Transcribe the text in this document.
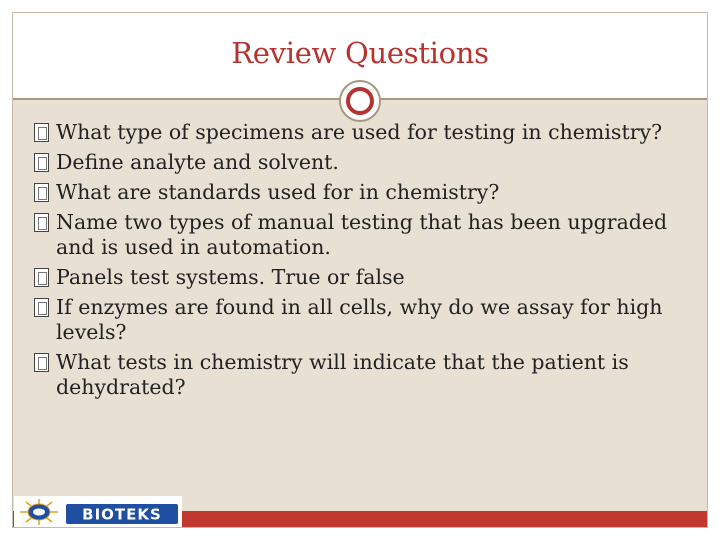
Review Questions
What type of specimens are used for testing in chemistry?
Define analyte and solvent.
What are standards used for in chemistry?
Name two types of manual testing that has been upgraded and is used in automation.
Panels test systems. True or false
If enzymes are found in all cells, why do we assay for high levels?
What tests in chemistry will indicate that the patient is dehydrated?
BIOTEKS
